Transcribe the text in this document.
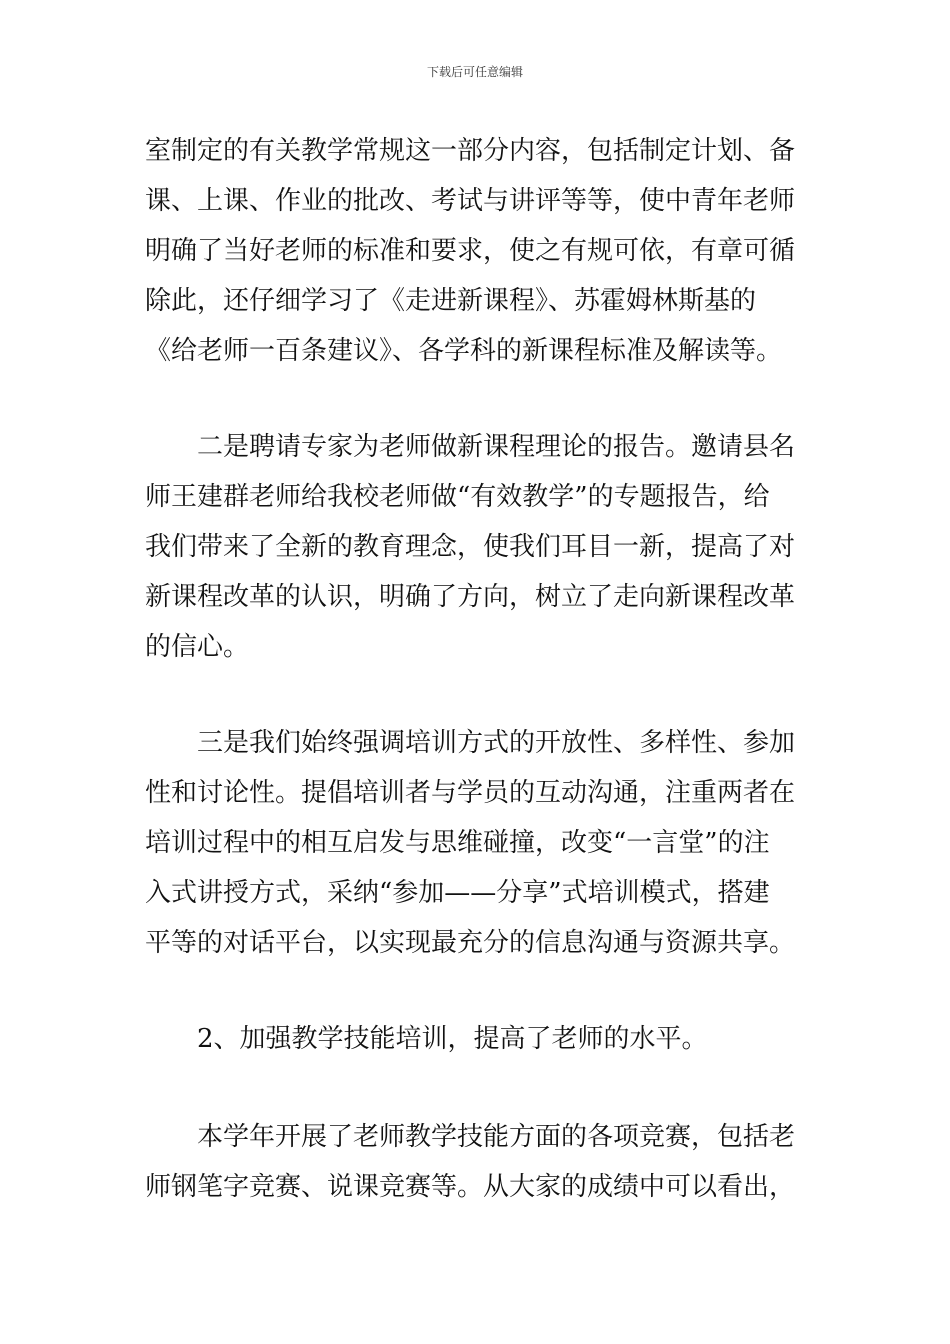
下载后可任意编辑
室制定的有关教学常规这一部分内容，包括制定计划、备
课、上课、作业的批改、考试与讲评等等，使中青年老师
明确了当好老师的标准和要求，使之有规可依，有章可循
除此，还仔细学习了《走进新课程》、苏霍姆林斯基的
《给老师一百条建议》、各学科的新课程标准及解读等。
二是聘请专家为老师做新课程理论的报告。邀请县名
师王建群老师给我校老师做“有效教学”的专题报告，给
我们带来了全新的教育理念，使我们耳目一新，提高了对
新课程改革的认识，明确了方向，树立了走向新课程改革
的信心。
三是我们始终强调培训方式的开放性、多样性、参加
性和讨论性。提倡培训者与学员的互动沟通，注重两者在
培训过程中的相互启发与思维碰撞，改变“一言堂”的注
入式讲授方式，采纳“参加——分享”式培训模式，搭建
平等的对话平台，以实现最充分的信息沟通与资源共享。
2、加强教学技能培训，提高了老师的水平。
本学年开展了老师教学技能方面的各项竞赛，包括老
师钢笔字竞赛、说课竞赛等。从大家的成绩中可以看出，
